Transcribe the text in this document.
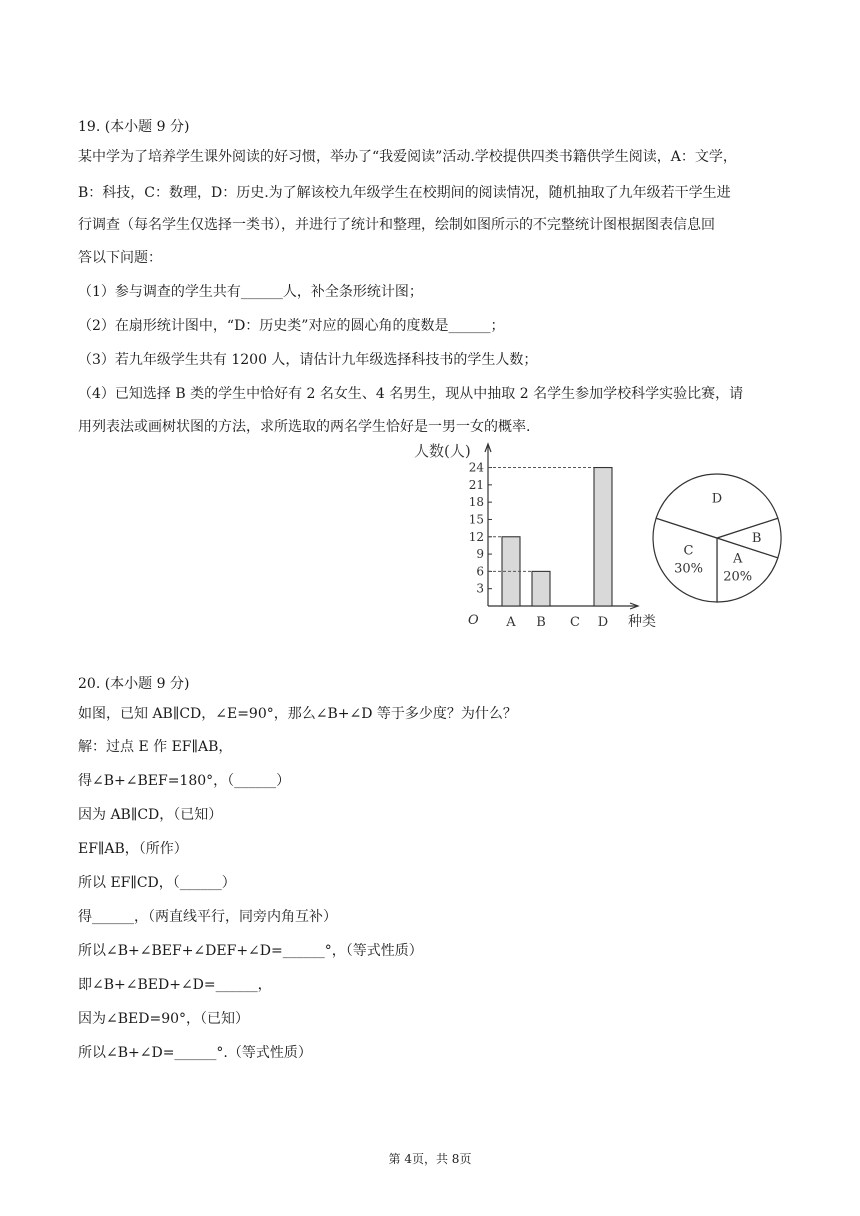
19. (本小题 9 分)
某中学为了培养学生课外阅读的好习惯，举办了“我爱阅读”活动.学校提供四类书籍供学生阅读，A：文学，
B：科技，C：数理，D：历史.为了解该校九年级学生在校期间的阅读情况，随机抽取了九年级若干学生进
行调查（每名学生仅选择一类书），并进行了统计和整理，绘制如图所示的不完整统计图根据图表信息回
答以下问题：
（1）参与调查的学生共有______人，补全条形统计图；
（2）在扇形统计图中，“D：历史类”对应的圆心角的度数是______；
（3）若九年级学生共有 1200 人，请估计九年级选择科技书的学生人数；
（4）已知选择 B 类的学生中恰好有 2 名女生、4 名男生，现从中抽取 2 名学生参加学校科学实验比赛，请
用列表法或画树状图的方法，求所选取的两名学生恰好是一男一女的概率.
人数(人)
种类
O
3
6
9
12
15
18
21
24
A B C D
A
20%
B
C
30%
D
20. (本小题 9 分)
如图，已知 AB∥CD，∠E=90°，那么∠B+∠D 等于多少度？为什么？
解：过点 E 作 EF∥AB，
得∠B+∠BEF=180°，（______）
因为 AB∥CD，（已知）
EF∥AB，（所作）
所以 EF∥CD，（______）
得______，（两直线平行，同旁内角互补）
所以∠B+∠BEF+∠DEF+∠D=______°，（等式性质）
即∠B+∠BED+∠D=______，
因为∠BED=90°，（已知）
所以∠B+∠D=______°.（等式性质）
第 4页，共 8页
